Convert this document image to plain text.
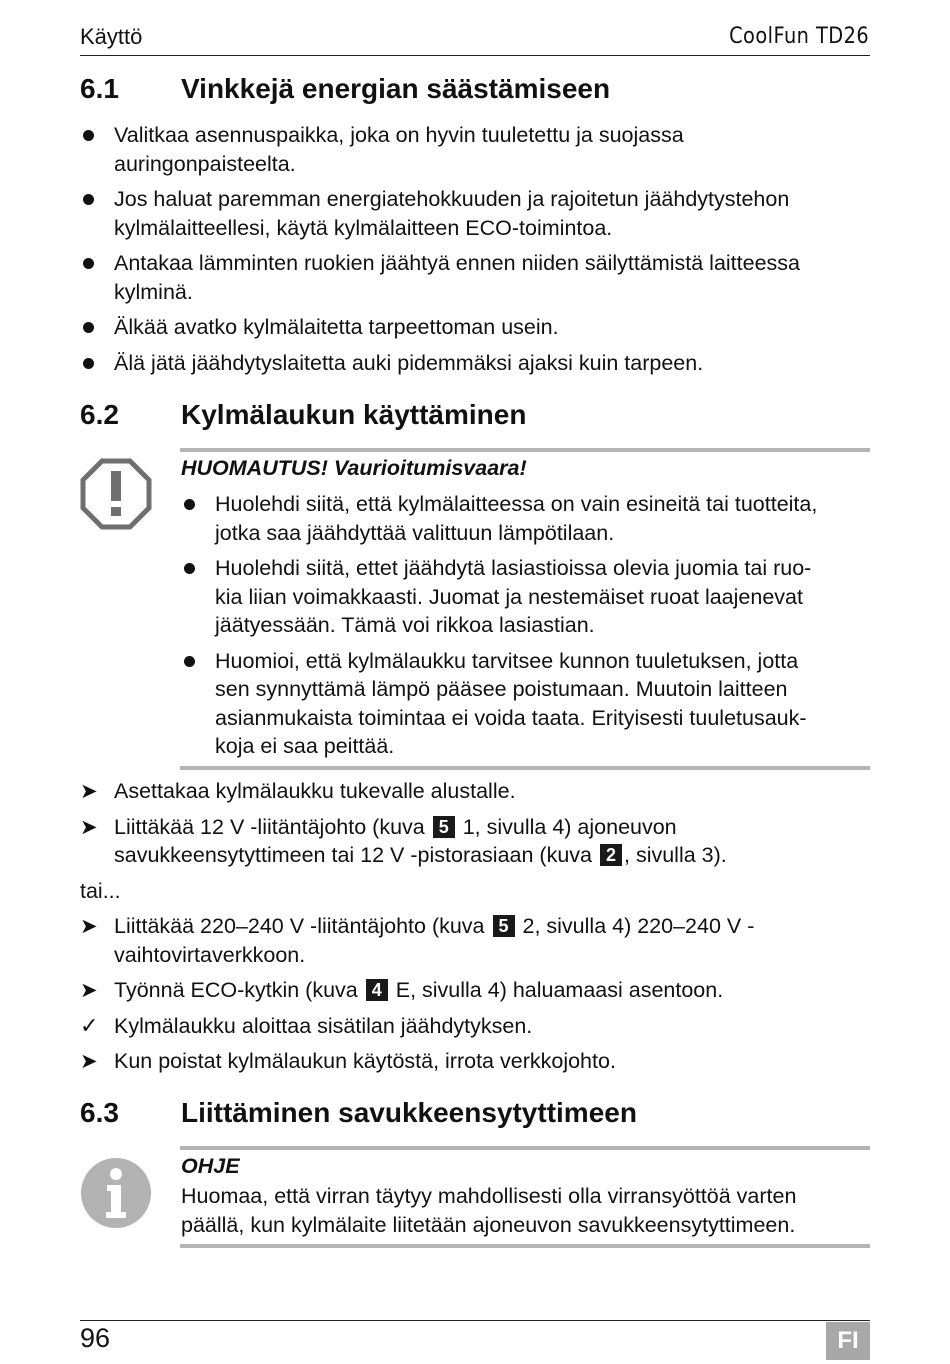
Käyttö	CoolFun TD26
6.1 Vinkkejä energian säästämiseen
Valitkaa asennuspaikka, joka on hyvin tuuletettu ja suojassa
auringonpaisteelta.
Jos haluat paremman energiatehokkuuden ja rajoitetun jäähdytystehon
kylmälaitteellesi, käytä kylmälaitteen ECO-toimintoa.
Antakaa lämminten ruokien jäähtyä ennen niiden säilyttämistä laitteessa
kylminä.
Älkää avatko kylmälaitetta tarpeettoman usein.
Älä jätä jäähdytyslaitetta auki pidemmäksi ajaksi kuin tarpeen.
6.2 Kylmälaukun käyttäminen
HUOMAUTUS! Vaurioitumisvaara!
Huolehdi siitä, että kylmälaitteessa on vain esineitä tai tuotteita,
jotka saa jäähdyttää valittuun lämpötilaan.
Huolehdi siitä, ettet jäähdytä lasiastioissa olevia juomia tai ruo-
kia liian voimakkaasti. Juomat ja nestemäiset ruoat laajenevat
jäätyessään. Tämä voi rikkoa lasiastian.
Huomioi, että kylmälaukku tarvitsee kunnon tuuletuksen, jotta
sen synnyttämä lämpö pääsee poistumaan. Muutoin laitteen
asianmukaista toimintaa ei voida taata. Erityisesti tuuletusauk-
koja ei saa peittää.
➤ Asettakaa kylmälaukku tukevalle alustalle.
➤ Liittäkää 12 V -liitäntäjohto (kuva 5 1, sivulla 4) ajoneuvon
savukkeensytyttimeen tai 12 V -pistorasiaan (kuva 2 , sivulla 3).
tai...
➤ Liittäkää 220–240 V -liitäntäjohto (kuva 5 2, sivulla 4) 220–240 V -
vaihtovirtaverkkoon.
➤ Työnnä ECO-kytkin (kuva 4 E, sivulla 4) haluamaasi asentoon.
✓ Kylmälaukku aloittaa sisätilan jäähdytyksen.
➤ Kun poistat kylmälaukun käytöstä, irrota verkkojohto.
6.3 Liittäminen savukkeensytyttimeen
OHJE
Huomaa, että virran täytyy mahdollisesti olla virransyöttöä varten
päällä, kun kylmälaite liitetään ajoneuvon savukkeensytyttimeen.
96	FI
